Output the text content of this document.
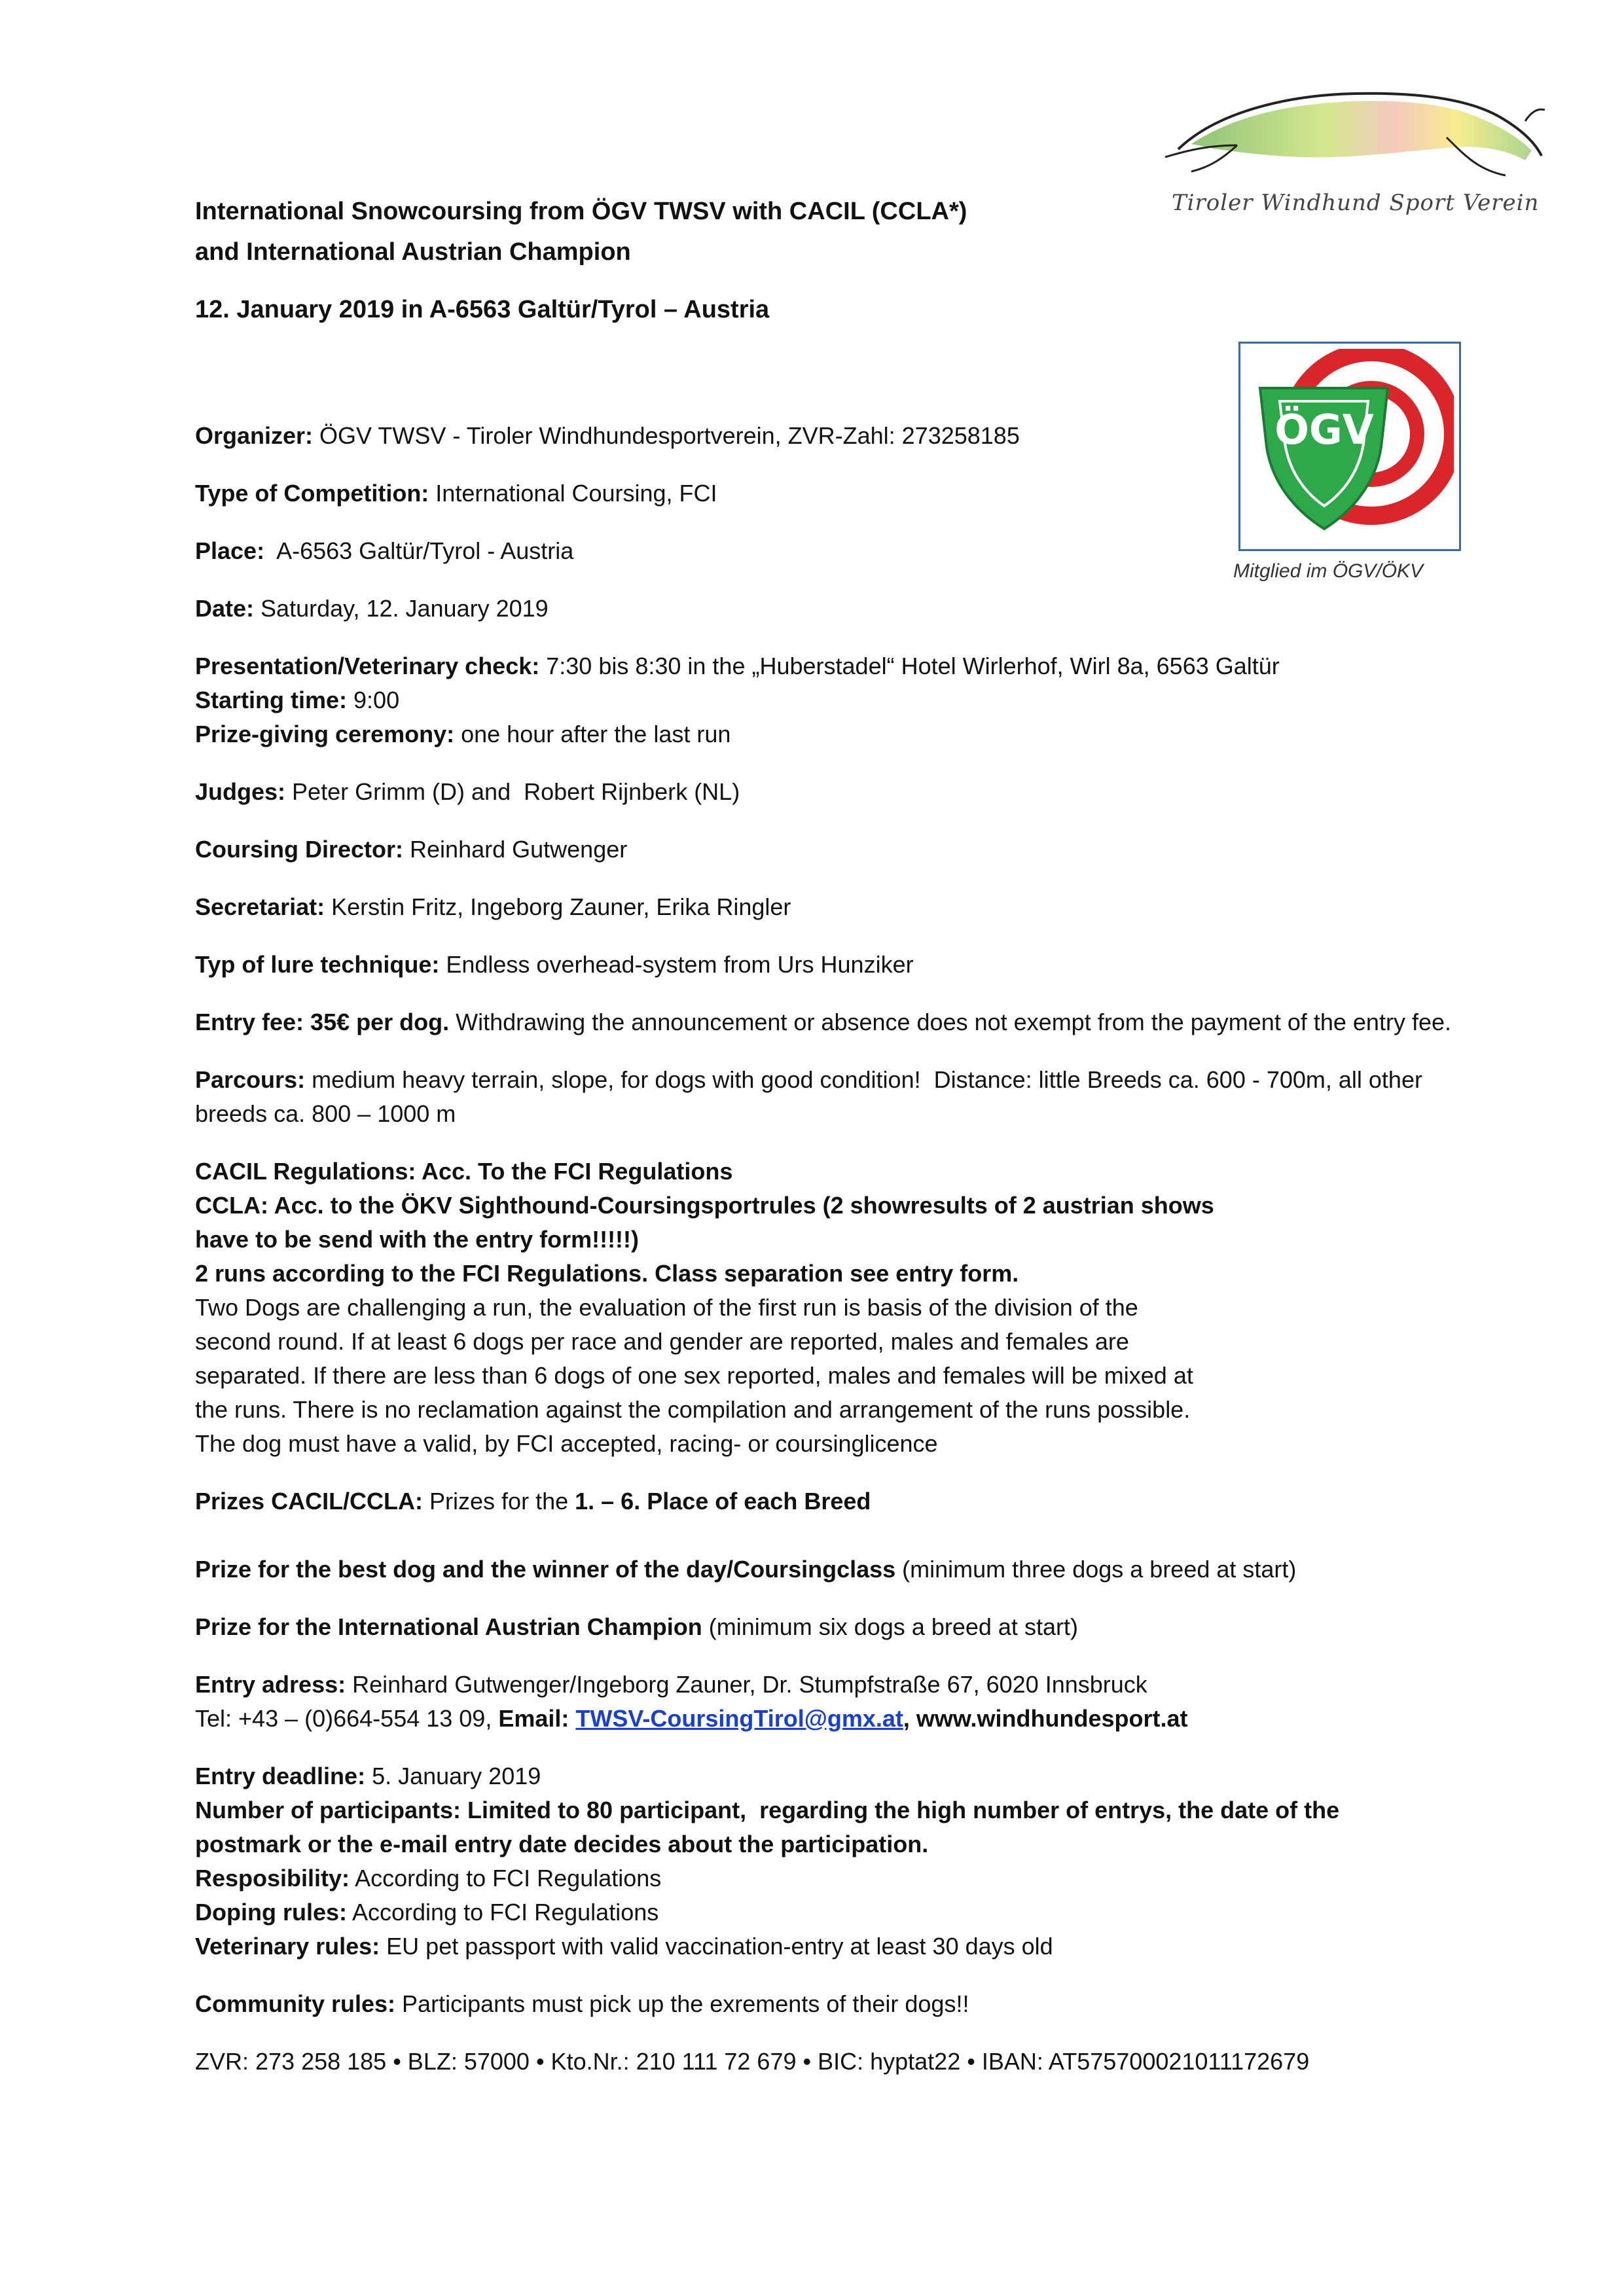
Tiroler Windhund Sport Verein
International Snowcoursing from ÖGV TWSV with CACIL (CCLA*)
and International Austrian Champion
12. January 2019 in A-6563 Galtür/Tyrol – Austria
ÖGV
Mitglied im ÖGV/ÖKV

Organizer: ÖGV TWSV - Tiroler Windhundesportverein, ZVR-Zahl: 273258185

Type of Competition: International Coursing, FCI

Place:  A-6563 Galtür/Tyrol - Austria

Date: Saturday, 12. January 2019

Presentation/Veterinary check: 7:30 bis 8:30 in the „Huberstadel“ Hotel Wirlerhof, Wirl 8a, 6563 Galtür
Starting time: 9:00
Prize-giving ceremony: one hour after the last run

Judges: Peter Grimm (D) and  Robert Rijnberk (NL)

Coursing Director: Reinhard Gutwenger

Secretariat: Kerstin Fritz, Ingeborg Zauner, Erika Ringler

Typ of lure technique: Endless overhead-system from Urs Hunziker

Entry fee: 35€ per dog. Withdrawing the announcement or absence does not exempt from the payment of the entry fee.

Parcours: medium heavy terrain, slope, for dogs with good condition!  Distance: little Breeds ca. 600 - 700m, all other breeds ca. 800 – 1000 m

CACIL Regulations: Acc. To the FCI Regulations
CCLA: Acc. to the ÖKV Sighthound-Coursingsportrules (2 showresults of 2 austrian shows
have to be send with the entry form!!!!!)
2 runs according to the FCI Regulations. Class separation see entry form.
Two Dogs are challenging a run, the evaluation of the first run is basis of the division of the
second round. If at least 6 dogs per race and gender are reported, males and females are
separated. If there are less than 6 dogs of one sex reported, males and females will be mixed at
the runs. There is no reclamation against the compilation and arrangement of the runs possible.
The dog must have a valid, by FCI accepted, racing- or coursinglicence

Prizes CACIL/CCLA: Prizes for the 1. – 6. Place of each Breed

Prize for the best dog and the winner of the day/Coursingclass (minimum three dogs a breed at start)

Prize for the International Austrian Champion (minimum six dogs a breed at start)

Entry adress: Reinhard Gutwenger/Ingeborg Zauner, Dr. Stumpfstraße 67, 6020 Innsbruck
Tel: +43 – (0)664-554 13 09, Email: TWSV-CoursingTirol@gmx.at, www.windhundesport.at
Entry deadline: 5. January 2019
Number of participants: Limited to 80 participant,  regarding the high number of entrys, the date of the
postmark or the e-mail entry date decides about the participation.
Resposibility: According to FCI Regulations
Doping rules: According to FCI Regulations
Veterinary rules: EU pet passport with valid vaccination-entry at least 30 days old

Community rules: Participants must pick up the exrements of their dogs!!

ZVR: 273 258 185 • BLZ: 57000 • Kto.Nr.: 210 111 72 679 • BIC: hyptat22 • IBAN: AT575700021011172679
